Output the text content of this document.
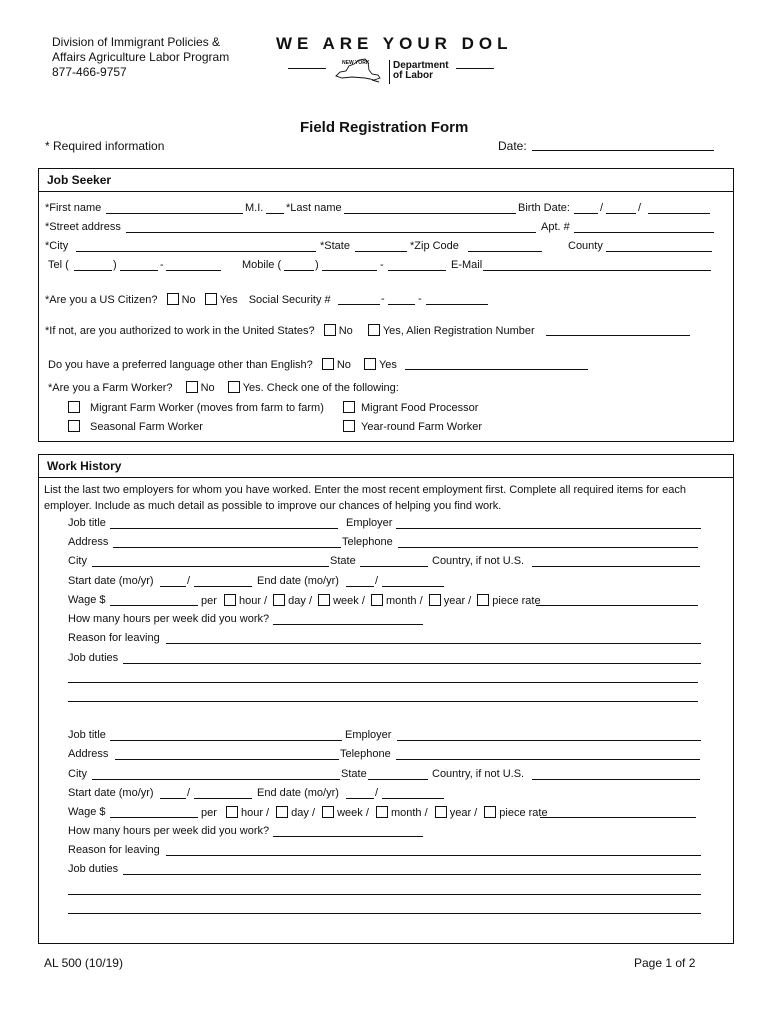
Division of Immigrant Policies &
Affairs Agriculture Labor Program
877-466-9757
WE ARE YOUR DOL
NEW YORK Department
of Labor
Field Registration Form
* Required information	Date:
Job Seeker
*First name	M.I. *Last name	Birth Date:	/	/
*Street address	Apt. #
*City	*State	*Zip Code	County
Tel (	)	-	Mobile (	)	-	E-Mail
*Are you a US Citizen? No Yes Social Security #	-	-
*If not, are you authorized to work in the United States? No	Yes, Alien Registration Number
Do you have a preferred language other than English? No	Yes
*Are you a Farm Worker?	No	Yes. Check one of the following:
Migrant Farm Worker (moves from farm to farm)	Migrant Food Processor
Seasonal Farm Worker	Year-round Farm Worker
Work History
List the last two employers for whom you have worked. Enter the most recent employment first. Complete all required items for each
employer. Include as much detail as possible to improve our chances of helping you find work.
Job title	Employer
Address	Telephone
City	State	Country, if not U.S.
Start date (mo/yr)	/	End date (mo/yr)	/
Wage $	per hour / day / week / month / year / piece rate
How many hours per week did you work?
Reason for leaving
Job duties
Job title	Employer
Address	Telephone
City	State	Country, if not U.S.
Start date (mo/yr)	/	End date (mo/yr)	/
Wage $	per hour / day / week / month / year / piece rate
How many hours per week did you work?
Reason for leaving
Job duties
AL 500 (10/19)	Page 1 of 2
